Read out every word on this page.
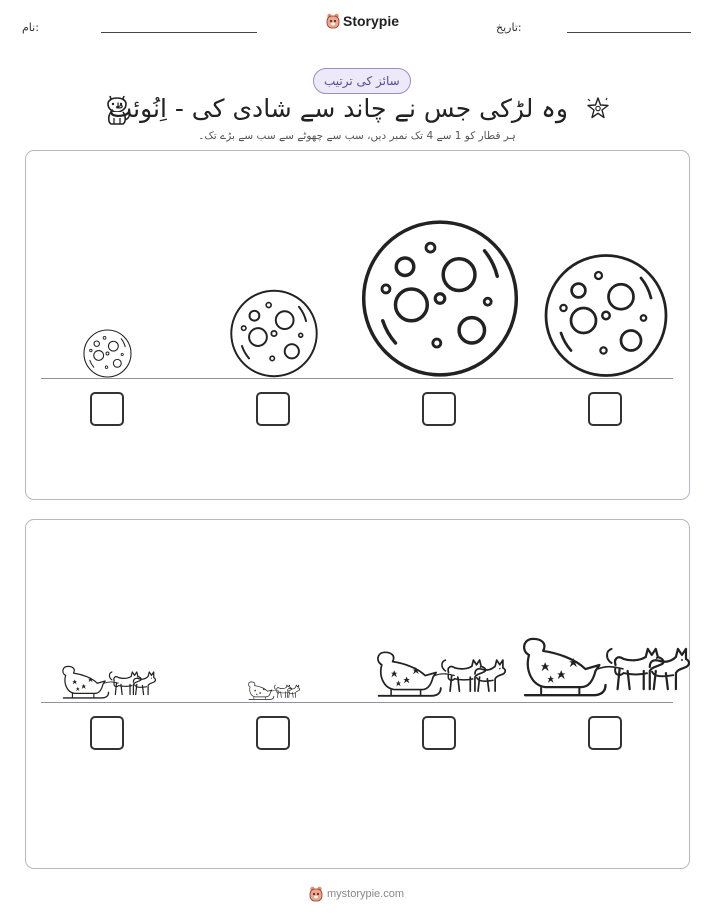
نام:	Storypie	تاریخ:
سائز کی ترتیب
وہ لڑکی جس نے چاند سے شادی کی - اِنُوئٹ
ہر قطار کو 1 سے 4 تک نمبر دیں، سب سے چھوٹے سے سب سے بڑے تک۔
mystorypie.com
